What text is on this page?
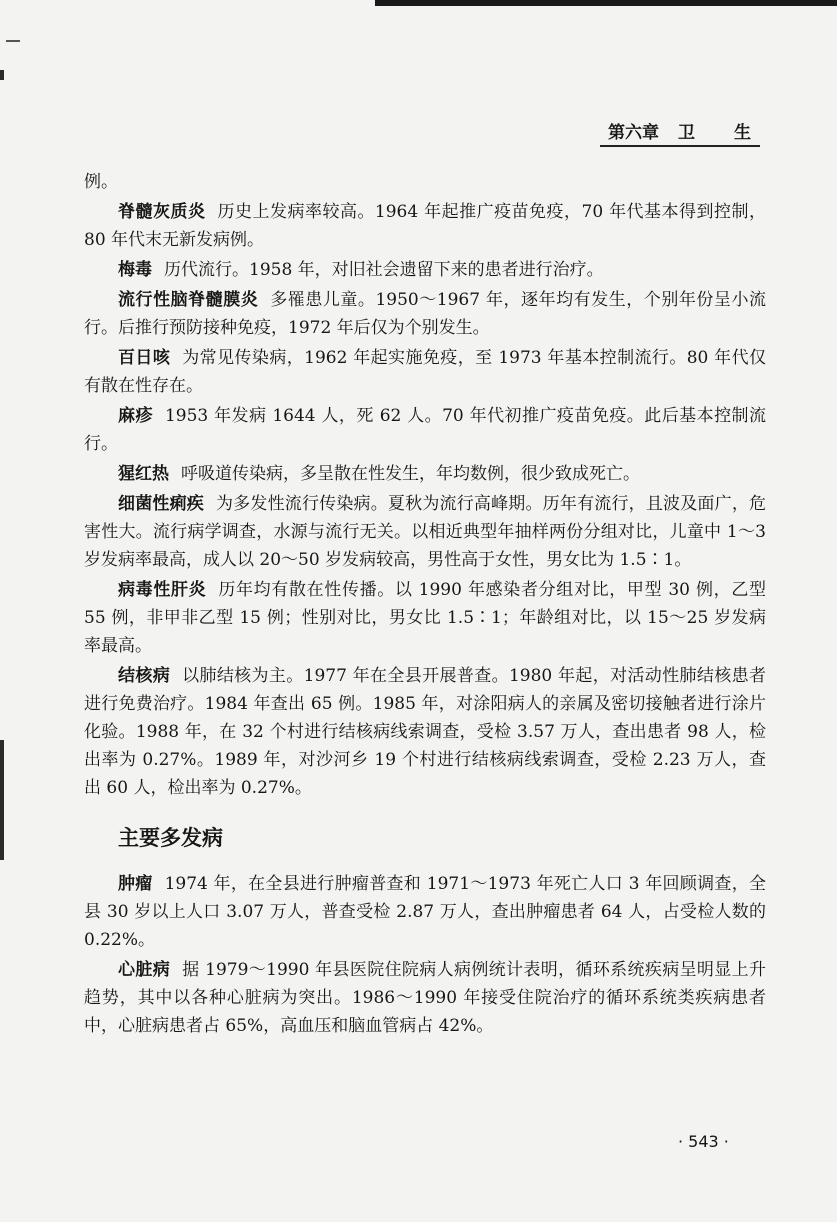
第六章 卫 生

例。

脊髓灰质炎 历史上发病率较高。1964 年起推广疫苗免疫，70 年代基本得到控制，80 年代末无新发病例。

梅毒 历代流行。1958 年，对旧社会遗留下来的患者进行治疗。

流行性脑脊髓膜炎 多罹患儿童。1950～1967 年，逐年均有发生，个别年份呈小流行。后推行预防接种免疫，1972 年后仅为个别发生。

百日咳 为常见传染病，1962 年起实施免疫，至 1973 年基本控制流行。80 年代仅有散在性存在。

麻疹 1953 年发病 1644 人，死 62 人。70 年代初推广疫苗免疫。此后基本控制流行。

猩红热 呼吸道传染病，多呈散在性发生，年均数例，很少致成死亡。

细菌性痢疾 为多发性流行传染病。夏秋为流行高峰期。历年有流行，且波及面广，危害性大。流行病学调查，水源与流行无关。以相近典型年抽样两份分组对比，儿童中 1～3 岁发病率最高，成人以 20～50 岁发病较高，男性高于女性，男女比为 1.5∶1。

病毒性肝炎 历年均有散在性传播。以 1990 年感染者分组对比，甲型 30 例，乙型 55 例，非甲非乙型 15 例；性别对比，男女比 1.5∶1；年龄组对比，以 15～25 岁发病率最高。

结核病 以肺结核为主。1977 年在全县开展普查。1980 年起，对活动性肺结核患者进行免费治疗。1984 年查出 65 例。1985 年，对涂阳病人的亲属及密切接触者进行涂片化验。1988 年，在 32 个村进行结核病线索调查，受检 3.57 万人，查出患者 98 人，检出率为 0.27%。1989 年，对沙河乡 19 个村进行结核病线索调查，受检 2.23 万人，查出 60 人，检出率为 0.27%。

主要多发病

肿瘤 1974 年，在全县进行肿瘤普查和 1971～1973 年死亡人口 3 年回顾调查，全县 30 岁以上人口 3.07 万人，普查受检 2.87 万人，查出肿瘤患者 64 人，占受检人数的 0.22%。

心脏病 据 1979～1990 年县医院住院病人病例统计表明，循环系统疾病呈明显上升趋势，其中以各种心脏病为突出。1986～1990 年接受住院治疗的循环系统类疾病患者中，心脏病患者占 65%，高血压和脑血管病占 42%。

· 543 ·
